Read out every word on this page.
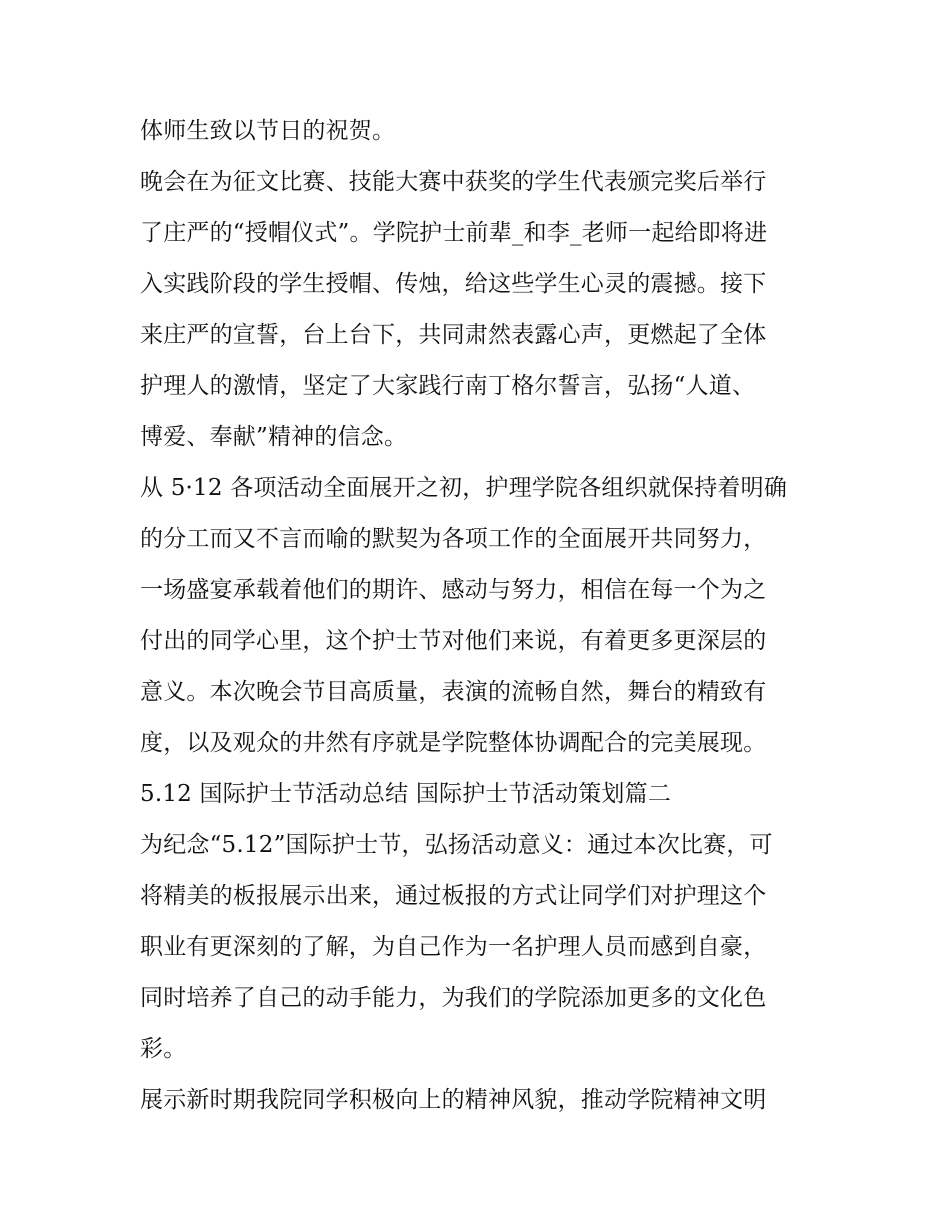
体师生致以节日的祝贺。

晚会在为征文比赛、技能大赛中获奖的学生代表颁完奖后举行

了庄严的“授帽仪式”。学院护士前辈_和李_老师一起给即将进

入实践阶段的学生授帽、传烛，给这些学生心灵的震撼。接下

来庄严的宣誓，台上台下，共同肃然表露心声，更燃起了全体

护理人的激情，坚定了大家践行南丁格尔誓言，弘扬“人道、

博爱、奉献”精神的信念。

从 5·12 各项活动全面展开之初，护理学院各组织就保持着明确

的分工而又不言而喻的默契为各项工作的全面展开共同努力，

一场盛宴承载着他们的期许、感动与努力，相信在每一个为之

付出的同学心里，这个护士节对他们来说，有着更多更深层的

意义。本次晚会节目高质量，表演的流畅自然，舞台的精致有

度，以及观众的井然有序就是学院整体协调配合的完美展现。

5.12 国际护士节活动总结 国际护士节活动策划篇二

为纪念“5.12”国际护士节，弘扬活动意义：通过本次比赛，可

将精美的板报展示出来，通过板报的方式让同学们对护理这个

职业有更深刻的了解，为自己作为一名护理人员而感到自豪，

同时培养了自己的动手能力，为我们的学院添加更多的文化色

彩。

展示新时期我院同学积极向上的精神风貌，推动学院精神文明
